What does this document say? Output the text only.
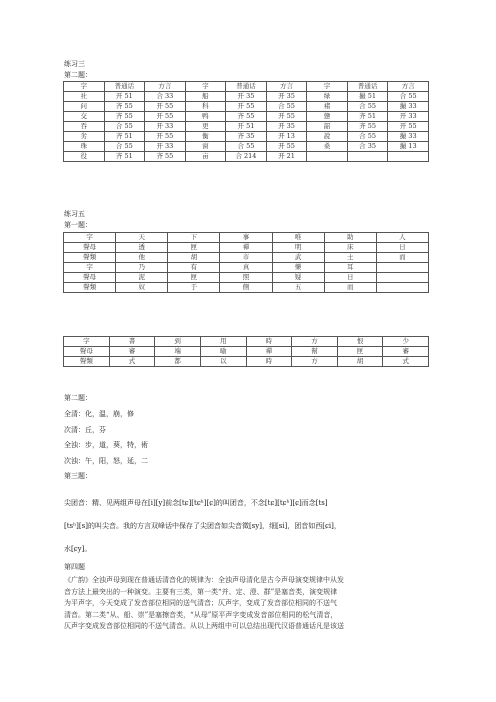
练习三
第二题：
字	普通话	方言	字	普通话	方言	字	普通话	方言
社	开 51	合 33	船	开 35	开 35	绿	撮 51	合 55
问	齐 55	开 55	科	开 55	合 55	褚	合 55	撮 33
交	齐 55	开 55	鸭	齐 55	开 55	戆	齐 51	开 33
吞	合 55	开 33	更	开 51	开 35	韶	齐 55	开 55
劣	齐 51	开 55	衡	齐 35	开 13	說	合 55	撮 33
珠	合 55	开 33	窗	合 55	开 55	桑	合 35	撮 13
役	齐 51	齐 55	亩	合 214	开 21			
练习五
第一题：
字	天	下	事	唯	助	人
聲母	透	匣	禪	明	床	日
聲類	他	胡	市	武	士	而
字	乃	有	真	樂	耳	
聲母	泥	匣	照	疑	日	
聲類	奴	于	側	五	而	
字	書	到	用	時	方	恨	少
聲母	審	端	喻	禪	幫	匣	審
聲類	式	都	以	時	方	胡	式
第二题：
全清：化，温，崩，修
次清：丘，芬
全浊：步，道，葵，特，術
次浊：午，阳，怒，延，二
第三题：
尖团音：精、见两组声母在[i][y]前念[tɕ][tɕʰ][ɕ]的叫团音，不念[tɕ][tɕʰ][ɕ]而念[ts]
[tsʰ][s]的叫尖音。我的方言双峰话中保存了尖团音如尖音徵[sy]，细[si]，团音如西[ɕi]，
水[ɕy]。
第四题
《广韵》全浊声母到现在普通话清音化的规律为：全浊声母清化是古今声母演变规律中从发
音方法上最突出的一种演变。主要有三类，第一类“并、定、澄、群”是塞音类，演变规律
为平声字，今天变成了发音部位相同的送气清音；仄声字，变成了发音部位相同的不送气
清音。第二类“从、船、崇”是塞擦音类，“从母”原平声字变成发音部位相同的松气清音，
仄声字变成发音部位相同的不送气清音。从以上两组中可以总结出现代汉语普通话凡是该送
